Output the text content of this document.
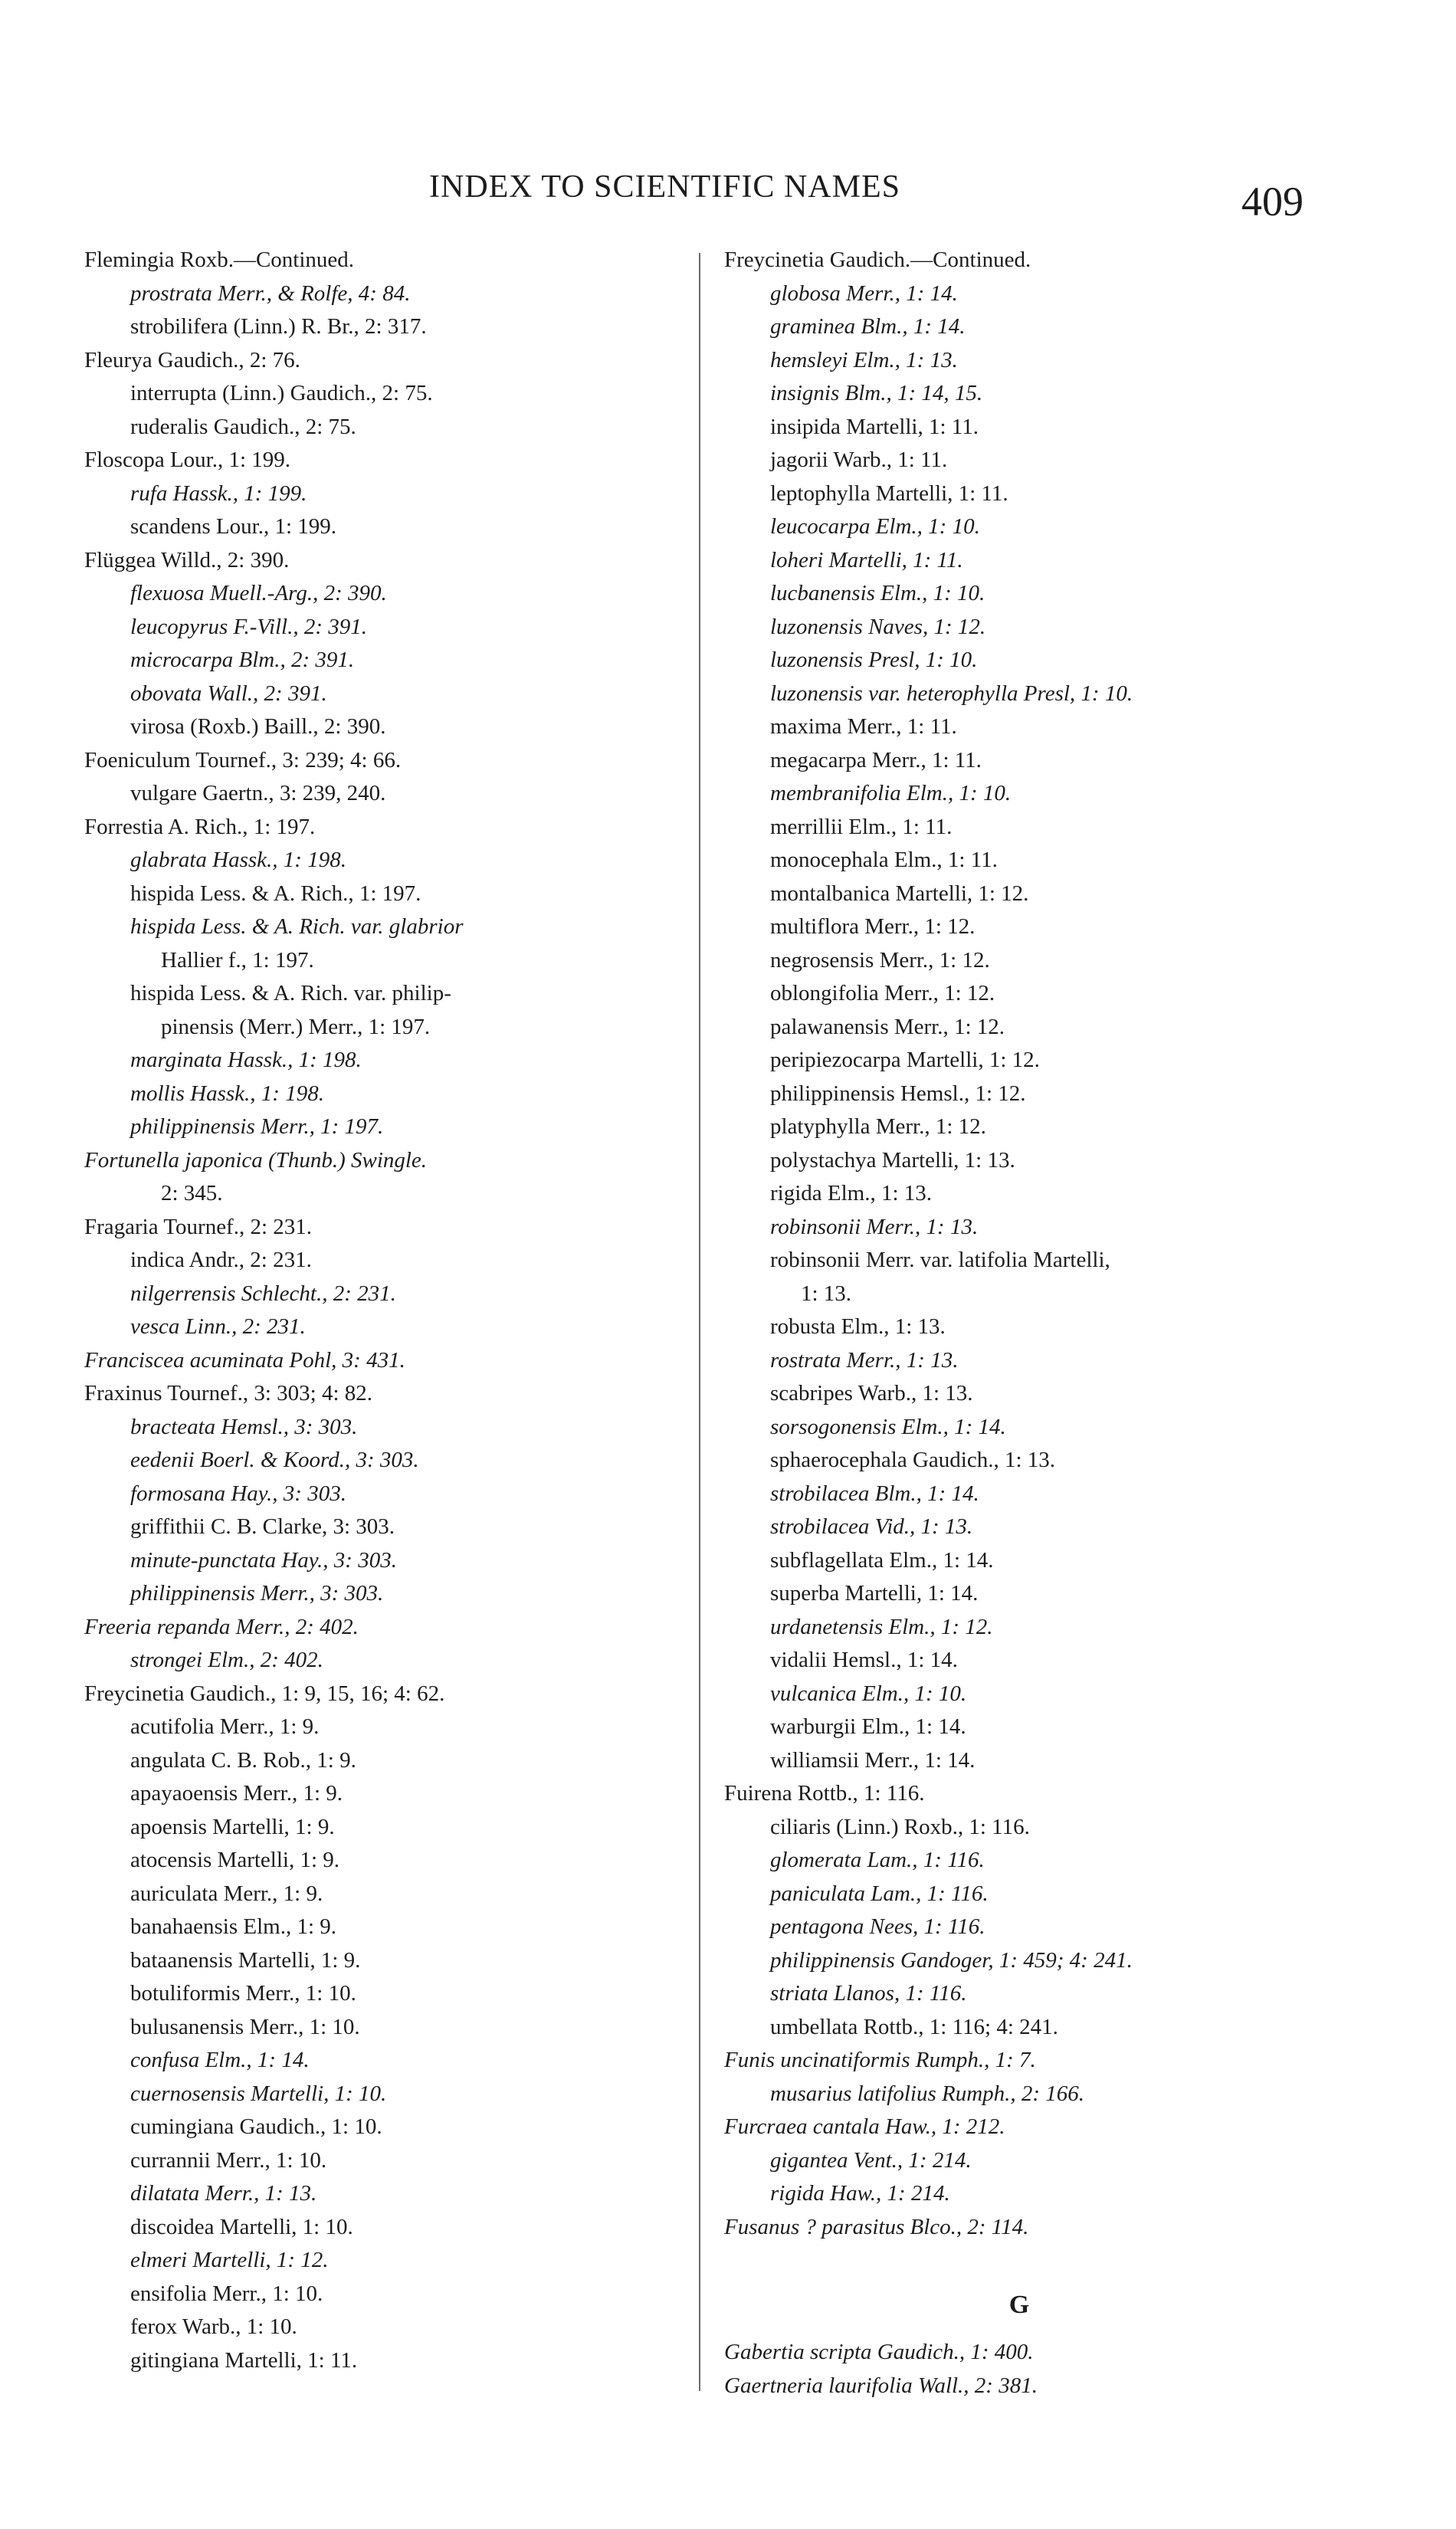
INDEX TO SCIENTIFIC NAMES	409
Flemingia Roxb.—Continued.
prostrata Merr., & Rolfe, 4: 84.
strobilifera (Linn.) R. Br., 2: 317.
Fleurya Gaudich., 2: 76.
interrupta (Linn.) Gaudich., 2: 75.
ruderalis Gaudich., 2: 75.
Floscopa Lour., 1: 199.
rufa Hassk., 1: 199.
scandens Lour., 1: 199.
Flüggea Willd., 2: 390.
flexuosa Muell.-Arg., 2: 390.
leucopyrus F.-Vill., 2: 391.
microcarpa Blm., 2: 391.
obovata Wall., 2: 391.
virosa (Roxb.) Baill., 2: 390.
Foeniculum Tournef., 3: 239; 4: 66.
vulgare Gaertn., 3: 239, 240.
Forrestia A. Rich., 1: 197.
glabrata Hassk., 1: 198.
hispida Less. & A. Rich., 1: 197.
hispida Less. & A. Rich. var. glabrior
Hallier f., 1: 197.
hispida Less. & A. Rich. var. philip-
pinensis (Merr.) Merr., 1: 197.
marginata Hassk., 1: 198.
mollis Hassk., 1: 198.
philippinensis Merr., 1: 197.
Fortunella japonica (Thunb.) Swingle.
2: 345.
Fragaria Tournef., 2: 231.
indica Andr., 2: 231.
nilgerrensis Schlecht., 2: 231.
vesca Linn., 2: 231.
Franciscea acuminata Pohl, 3: 431.
Fraxinus Tournef., 3: 303; 4: 82.
bracteata Hemsl., 3: 303.
eedenii Boerl. & Koord., 3: 303.
formosana Hay., 3: 303.
griffithii C. B. Clarke, 3: 303.
minute-punctata Hay., 3: 303.
philippinensis Merr., 3: 303.
Freeria repanda Merr., 2: 402.
strongei Elm., 2: 402.
Freycinetia Gaudich., 1: 9, 15, 16; 4: 62.
acutifolia Merr., 1: 9.
angulata C. B. Rob., 1: 9.
apayaoensis Merr., 1: 9.
apoensis Martelli, 1: 9.
atocensis Martelli, 1: 9.
auriculata Merr., 1: 9.
banahaensis Elm., 1: 9.
bataanensis Martelli, 1: 9.
botuliformis Merr., 1: 10.
bulusanensis Merr., 1: 10.
confusa Elm., 1: 14.
cuernosensis Martelli, 1: 10.
cumingiana Gaudich., 1: 10.
currannii Merr., 1: 10.
dilatata Merr., 1: 13.
discoidea Martelli, 1: 10.
elmeri Martelli, 1: 12.
ensifolia Merr., 1: 10.
ferox Warb., 1: 10.
gitingiana Martelli, 1: 11.
Freycinetia Gaudich.—Continued.
globosa Merr., 1: 14.
graminea Blm., 1: 14.
hemsleyi Elm., 1: 13.
insignis Blm., 1: 14, 15.
insipida Martelli, 1: 11.
jagorii Warb., 1: 11.
leptophylla Martelli, 1: 11.
leucocarpa Elm., 1: 10.
loheri Martelli, 1: 11.
lucbanensis Elm., 1: 10.
luzonensis Naves, 1: 12.
luzonensis Presl, 1: 10.
luzonensis var. heterophylla Presl, 1: 10.
maxima Merr., 1: 11.
megacarpa Merr., 1: 11.
membranifolia Elm., 1: 10.
merrillii Elm., 1: 11.
monocephala Elm., 1: 11.
montalbanica Martelli, 1: 12.
multiflora Merr., 1: 12.
negrosensis Merr., 1: 12.
oblongifolia Merr., 1: 12.
palawanensis Merr., 1: 12.
peripiezocarpa Martelli, 1: 12.
philippinensis Hemsl., 1: 12.
platyphylla Merr., 1: 12.
polystachya Martelli, 1: 13.
rigida Elm., 1: 13.
robinsonii Merr., 1: 13.
robinsonii Merr. var. latifolia Martelli,
1: 13.
robusta Elm., 1: 13.
rostrata Merr., 1: 13.
scabripes Warb., 1: 13.
sorsogonensis Elm., 1: 14.
sphaerocephala Gaudich., 1: 13.
strobilacea Blm., 1: 14.
strobilacea Vid., 1: 13.
subflagellata Elm., 1: 14.
superba Martelli, 1: 14.
urdanetensis Elm., 1: 12.
vidalii Hemsl., 1: 14.
vulcanica Elm., 1: 10.
warburgii Elm., 1: 14.
williamsii Merr., 1: 14.
Fuirena Rottb., 1: 116.
ciliaris (Linn.) Roxb., 1: 116.
glomerata Lam., 1: 116.
paniculata Lam., 1: 116.
pentagona Nees, 1: 116.
philippinensis Gandoger, 1: 459; 4: 241.
striata Llanos, 1: 116.
umbellata Rottb., 1: 116; 4: 241.
Funis uncinatiformis Rumph., 1: 7.
musarius latifolius Rumph., 2: 166.
Furcraea cantala Haw., 1: 212.
gigantea Vent., 1: 214.
rigida Haw., 1: 214.
Fusanus ? parasitus Blco., 2: 114.
G
Gabertia scripta Gaudich., 1: 400.
Gaertneria laurifolia Wall., 2: 381.
